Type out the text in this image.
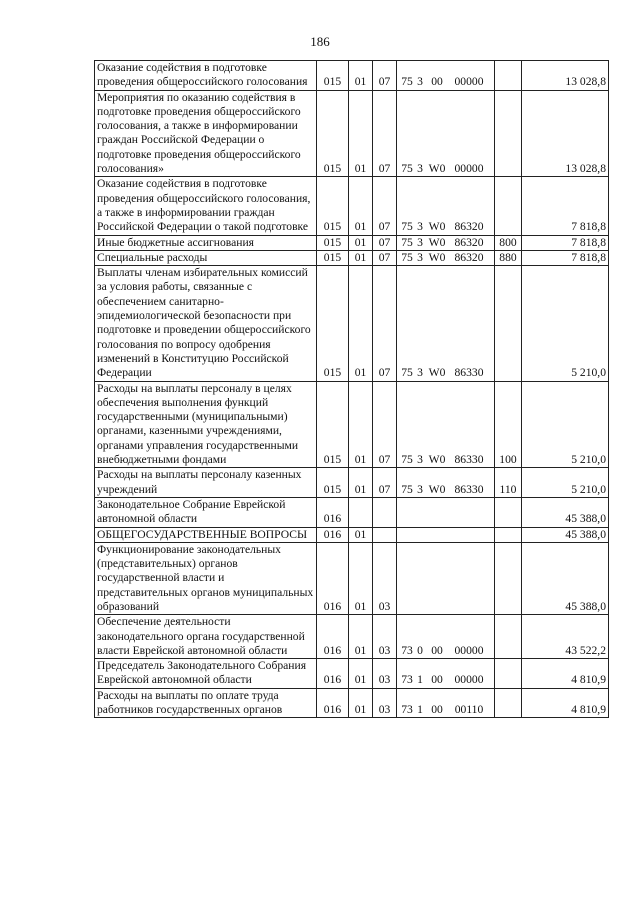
186
Оказание содействия в подготовке проведения общероссийского голосования	015	01	07	75 3 00 00000		13 028,8

Мероприятия по оказанию содействия в подготовке проведения общероссийского голосования, а также в информировании граждан Российской Федерации о подготовке проведения общероссийского голосования»	015	01	07	75 3 W0 00000		13 028,8

Оказание содействия в подготовке проведения общероссийского голосования, а также в информировании граждан Российской Федерации о такой подготовке	015	01	07	75 3 W0 86320		7 818,8

Иные бюджетные ассигнования	015	01	07	75 3 W0 86320	800	7 818,8

Специальные расходы	015	01	07	75 3 W0 86320	880	7 818,8

Выплаты членам избирательных комиссий за условия работы, связанные с обеспечением санитарно-эпидемиологической безопасности при подготовке и проведении общероссийского голосования по вопросу одобрения изменений в Конституцию Российской Федерации	015	01	07	75 3 W0 86330		5 210,0

Расходы на выплаты персоналу в целях обеспечения выполнения функций государственными (муниципальными) органами, казенными учреждениями, органами управления государственными внебюджетными фондами	015	01	07	75 3 W0 86330	100	5 210,0

Расходы на выплаты персоналу казенных учреждений	015	01	07	75 3 W0 86330	110	5 210,0

Законодательное Собрание Еврейской автономной области	016					45 388,0

ОБЩЕГОСУДАРСТВЕННЫЕ ВОПРОСЫ	016	01				45 388,0

Функционирование законодательных (представительных) органов государственной власти и представительных органов муниципальных образований	016	01	03			45 388,0

Обеспечение деятельности законодательного органа государственной власти Еврейской автономной области	016	01	03	73 0 00 00000		43 522,2

Председатель Законодательного Собрания Еврейской автономной области	016	01	03	73 1 00 00000		4 810,9

Расходы на выплаты по оплате труда работников государственных органов	016	01	03	73 1 00 00110		4 810,9
